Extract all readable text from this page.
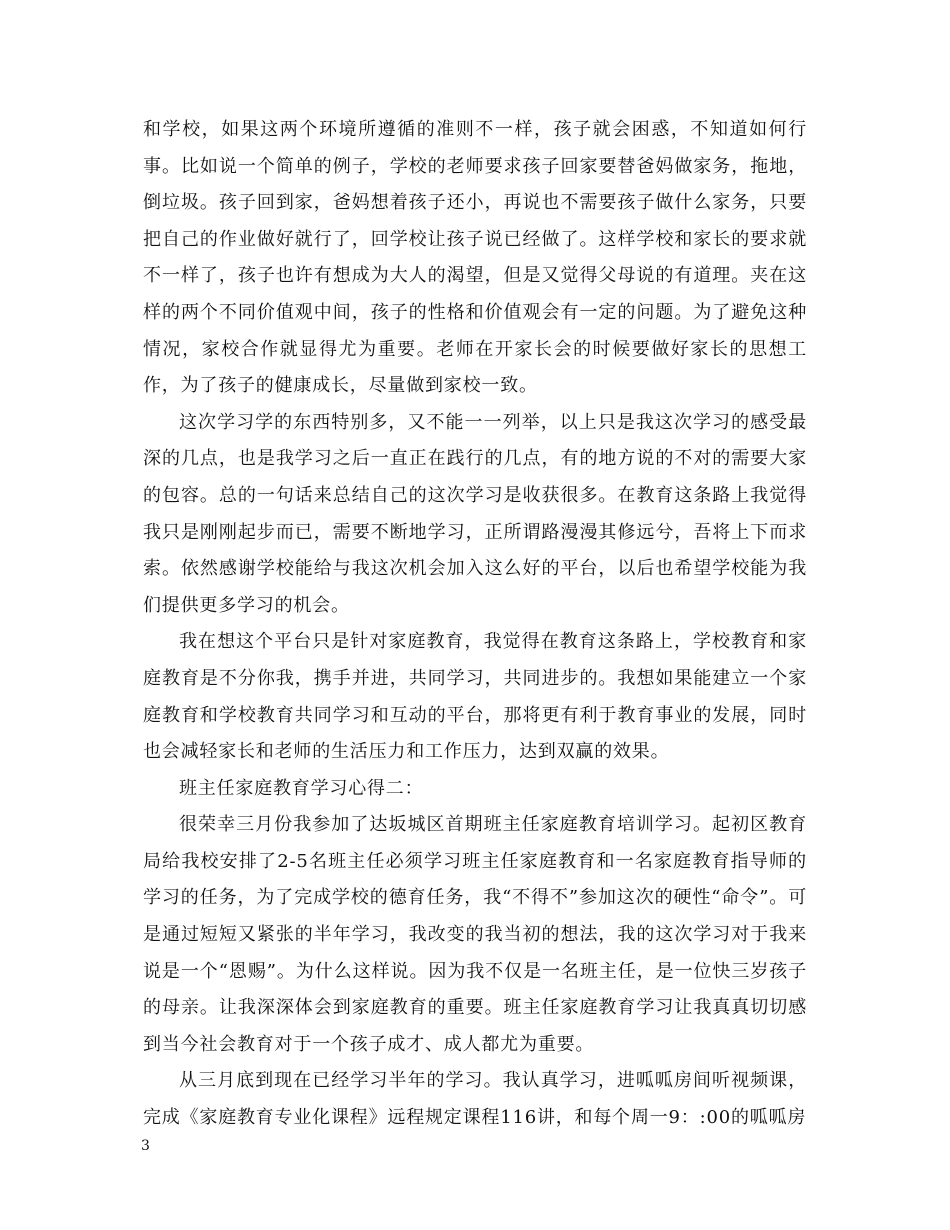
和学校，如果这两个环境所遵循的准则不一样，孩子就会困惑，不知道如何行事。比如说一个简单的例子，学校的老师要求孩子回家要替爸妈做家务，拖地，倒垃圾。孩子回到家，爸妈想着孩子还小，再说也不需要孩子做什么家务，只要把自己的作业做好就行了，回学校让孩子说已经做了。这样学校和家长的要求就不一样了，孩子也许有想成为大人的渴望，但是又觉得父母说的有道理。夹在这样的两个不同价值观中间，孩子的性格和价值观会有一定的问题。为了避免这种情况，家校合作就显得尤为重要。老师在开家长会的时候要做好家长的思想工作，为了孩子的健康成长，尽量做到家校一致。

这次学习学的东西特别多，又不能一一列举，以上只是我这次学习的感受最深的几点，也是我学习之后一直正在践行的几点，有的地方说的不对的需要大家的包容。总的一句话来总结自己的这次学习是收获很多。在教育这条路上我觉得我只是刚刚起步而已，需要不断地学习，正所谓路漫漫其修远兮，吾将上下而求索。依然感谢学校能给与我这次机会加入这么好的平台，以后也希望学校能为我们提供更多学习的机会。

我在想这个平台只是针对家庭教育，我觉得在教育这条路上，学校教育和家庭教育是不分你我，携手并进，共同学习，共同进步的。我想如果能建立一个家庭教育和学校教育共同学习和互动的平台，那将更有利于教育事业的发展，同时也会减轻家长和老师的生活压力和工作压力，达到双赢的效果。

班主任家庭教育学习心得二：

很荣幸三月份我参加了达坂城区首期班主任家庭教育培训学习。起初区教育局给我校安排了2-5名班主任必须学习班主任家庭教育和一名家庭教育指导师的学习的任务，为了完成学校的德育任务，我“不得不”参加这次的硬性“命令”。可是通过短短又紧张的半年学习，我改变的我当初的想法，我的这次学习对于我来说是一个“恩赐”。为什么这样说。因为我不仅是一名班主任，是一位快三岁孩子的母亲。让我深深体会到家庭教育的重要。班主任家庭教育学习让我真真切切感到当今社会教育对于一个孩子成才、成人都尤为重要。

从三月底到现在已经学习半年的学习。我认真学习，进呱呱房间听视频课，完成《家庭教育专业化课程》远程规定课程116讲，和每个周一9：:00的呱呱房

3
